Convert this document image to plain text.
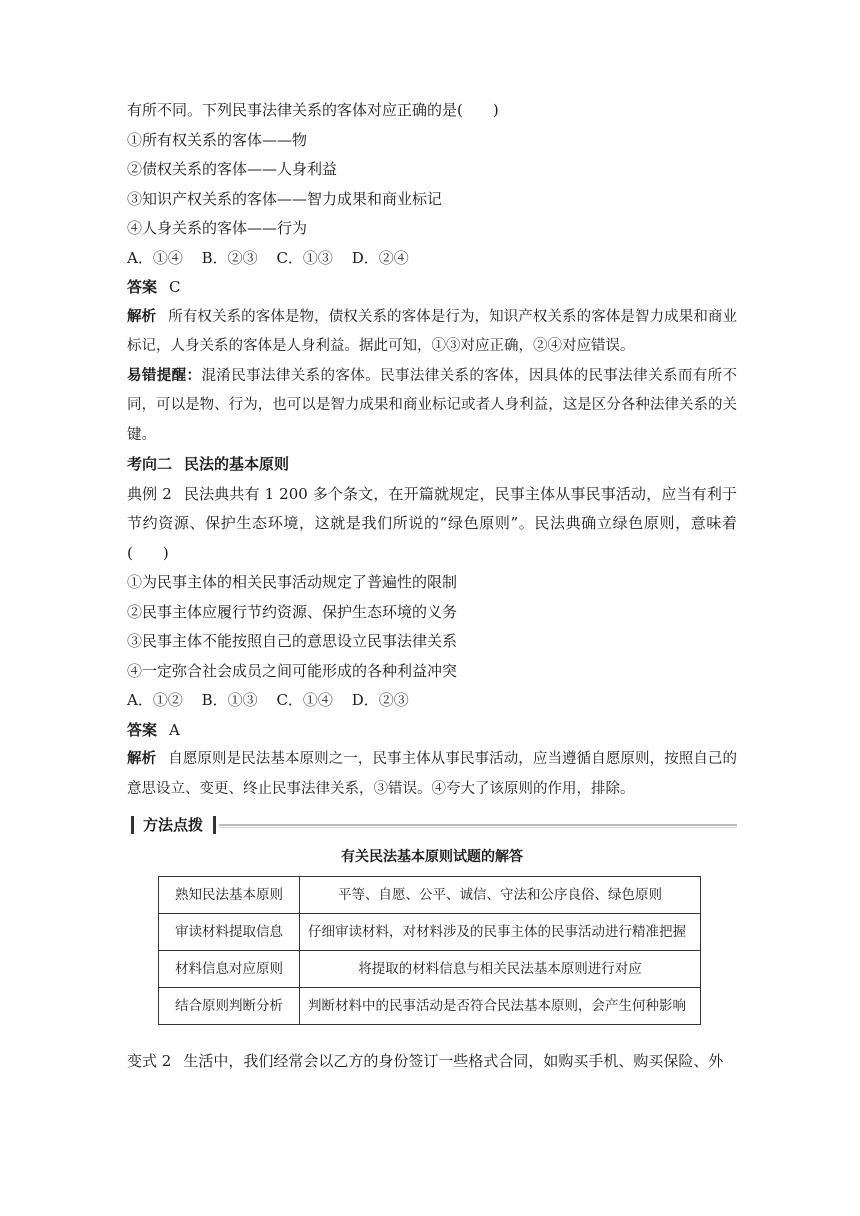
有所不同。下列民事法律关系的客体对应正确的是(　　)
①所有权关系的客体——物
②债权关系的客体——人身利益
③知识产权关系的客体——智力成果和商业标记
④人身关系的客体——行为
A．①④ B．②③ C．①③ D．②④
答案 C
解析 所有权关系的客体是物，债权关系的客体是行为，知识产权关系的客体是智力成果和商业标记，人身关系的客体是人身利益。据此可知，①③对应正确，②④对应错误。
易错提醒：混淆民事法律关系的客体。民事法律关系的客体，因具体的民事法律关系而有所不同，可以是物、行为，也可以是智力成果和商业标记或者人身利益，这是区分各种法律关系的关键。
考向二 民法的基本原则
典例 2 民法典共有 1 200 多个条文，在开篇就规定，民事主体从事民事活动，应当有利于节约资源、保护生态环境，这就是我们所说的“绿色原则”。民法典确立绿色原则，意味着(　　)
①为民事主体的相关民事活动规定了普遍性的限制
②民事主体应履行节约资源、保护生态环境的义务
③民事主体不能按照自己的意思设立民事法律关系
④一定弥合社会成员之间可能形成的各种利益冲突
A．①② B．①③ C．①④ D．②③
答案 A
解析 自愿原则是民法基本原则之一，民事主体从事民事活动，应当遵循自愿原则，按照自己的意思设立、变更、终止民事法律关系，③错误。④夸大了该原则的作用，排除。
方法点拨
有关民法基本原则试题的解答
熟知民法基本原则	平等、自愿、公平、诚信、守法和公序良俗、绿色原则
审读材料提取信息	仔细审读材料，对材料涉及的民事主体的民事活动进行精准把握
材料信息对应原则	将提取的材料信息与相关民法基本原则进行对应
结合原则判断分析	判断材料中的民事活动是否符合民法基本原则，会产生何种影响
变式 2 生活中，我们经常会以乙方的身份签订一些格式合同，如购买手机、购买保险、外
